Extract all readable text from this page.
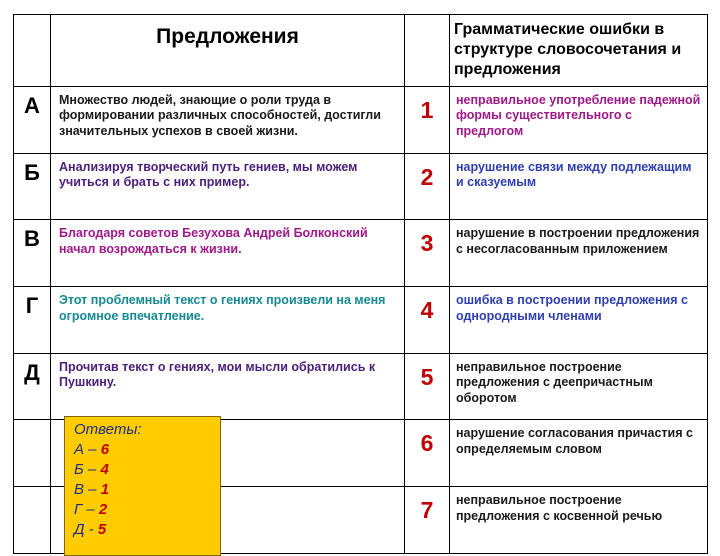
	Предложения		Грамматические ошибки в структуре словосочетания и предложения
А	Множество людей, знающие о роли труда в формировании различных способностей, достигли значительных успехов в своей жизни.	1	неправильное употребление падежной формы существительного с предлогом
Б	Анализируя творческий путь гениев, мы можем учиться и брать с них пример.	2	нарушение связи между подлежащим и сказуемым
В	Благодаря советов Безухова Андрей Болконский начал возрождаться к жизни.	3	нарушение в построении предложения с несогласованным приложением
Г	Этот проблемный текст о гениях произвели на меня огромное впечатление.	4	ошибка в построении предложения с однородными членами
Д	Прочитав текст о гениях, мои мысли обратились к Пушкину.	5	неправильное построение предложения с деепричастным оборотом
		6	нарушение согласования причастия с определяемым словом
		7	неправильное построение предложения с косвенной речью
Ответы:
А – 6
Б – 4
В – 1
Г – 2
Д - 5
